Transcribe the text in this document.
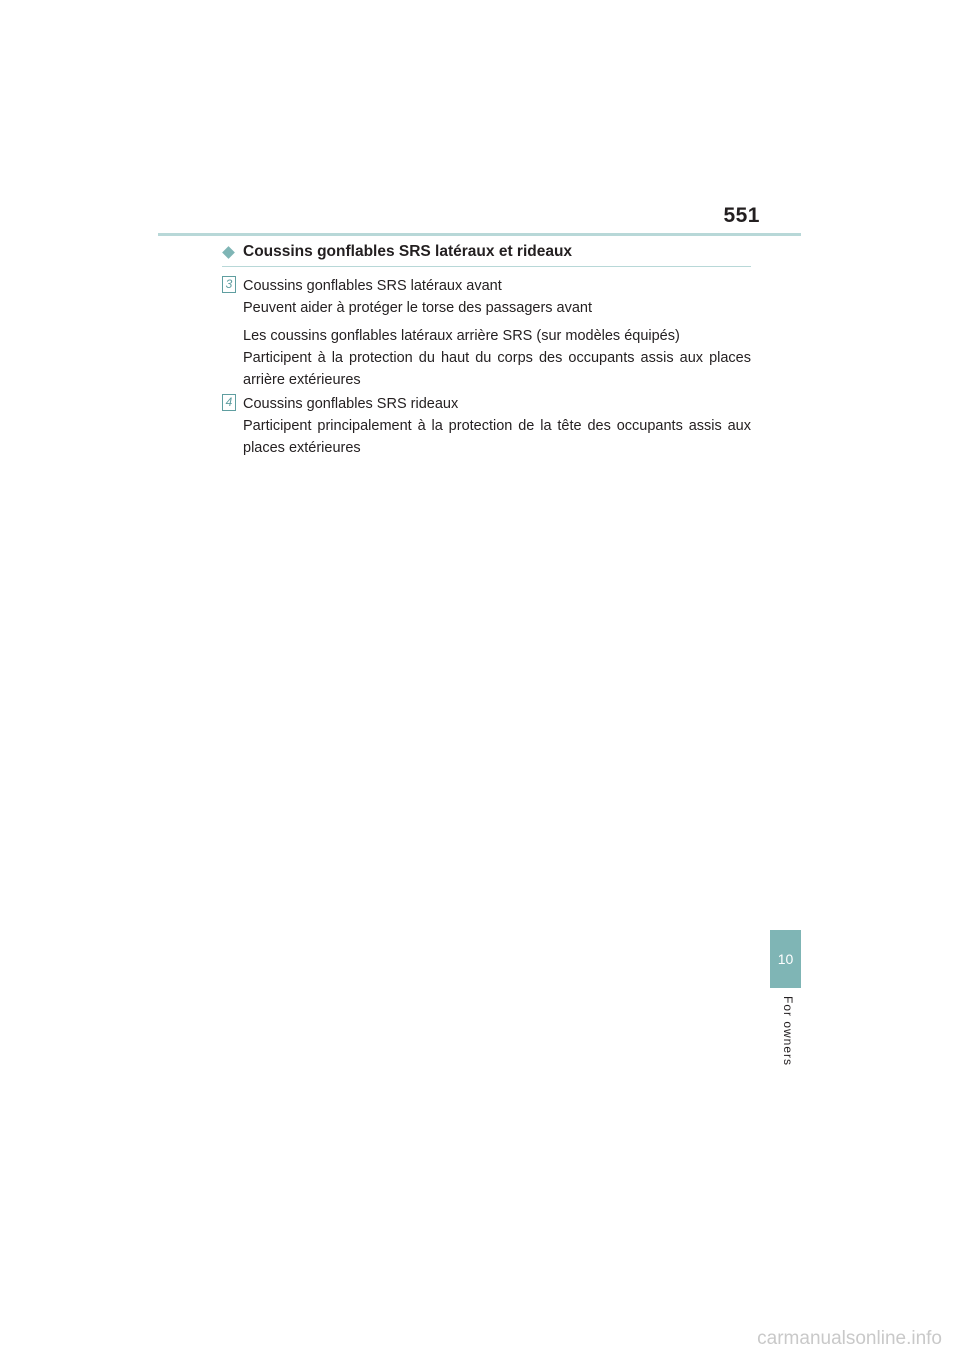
551
Coussins gonflables SRS latéraux et rideaux
3 Coussins gonflables SRS latéraux avant

Peuvent aider à protéger le torse des passagers avant

Les coussins gonflables latéraux arrière SRS (sur modèles équipés)

Participent à la protection du haut du corps des occupants assis aux places arrière extérieures

4 Coussins gonflables SRS rideaux

Participent principalement à la protection de la tête des occupants assis aux places extérieures

10
For owners
carmanualsonline.info
